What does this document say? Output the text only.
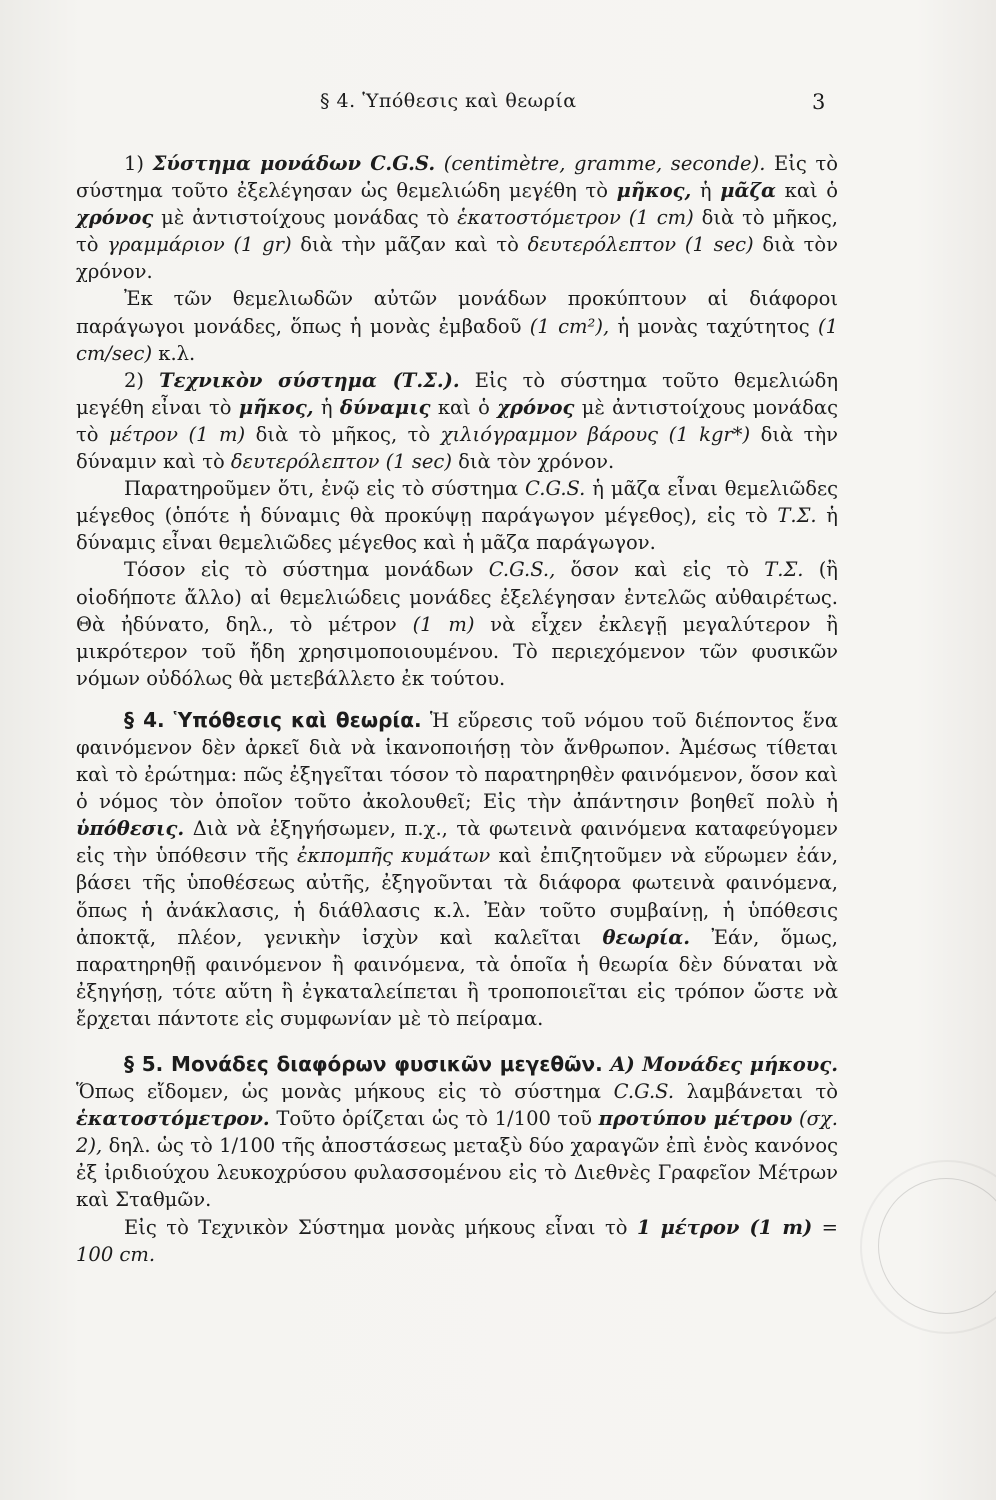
§ 4. Ὑπόθεσις καὶ θεωρία	3

1) Σύστημα μονάδων C.G.S. (centimètre, gramme, seconde). Εἰς τὸ σύστημα τοῦτο ἐξελέγησαν ὡς θεμελιώδη μεγέθη τὸ μῆκος, ἡ μᾶζα καὶ ὁ χρόνος μὲ ἀντιστοίχους μονάδας τὸ ἑκατοστόμετρον (1 cm) διὰ τὸ μῆκος, τὸ γραμμάριον (1 gr) διὰ τὴν μᾶζαν καὶ τὸ δευτερόλεπτον (1 sec) διὰ τὸν χρόνον.

Ἐκ τῶν θεμελιωδῶν αὐτῶν μονάδων προκύπτουν αἱ διάφοροι παράγωγοι μονάδες, ὅπως ἡ μονὰς ἐμβαδοῦ (1 cm²), ἡ μονὰς ταχύτητος (1 cm/sec) κ.λ.

2) Τεχνικὸν σύστημα (Τ.Σ.). Εἰς τὸ σύστημα τοῦτο θεμελιώδη μεγέθη εἶναι τὸ μῆκος, ἡ δύναμις καὶ ὁ χρόνος μὲ ἀντιστοίχους μονάδας τὸ μέτρον (1 m) διὰ τὸ μῆκος, τὸ χιλιόγραμμον βάρους (1 kgr*) διὰ τὴν δύναμιν καὶ τὸ δευτερόλεπτον (1 sec) διὰ τὸν χρόνον.

Παρατηροῦμεν ὅτι, ἐνῷ εἰς τὸ σύστημα C.G.S. ἡ μᾶζα εἶναι θεμελιῶδες μέγεθος (ὁπότε ἡ δύναμις θὰ προκύψῃ παράγωγον μέγεθος), εἰς τὸ Τ.Σ. ἡ δύναμις εἶναι θεμελιῶδες μέγεθος καὶ ἡ μᾶζα παράγωγον.

Τόσον εἰς τὸ σύστημα μονάδων C.G.S., ὅσον καὶ εἰς τὸ Τ.Σ. (ἢ οἱοδήποτε ἄλλο) αἱ θεμελιώδεις μονάδες ἐξελέγησαν ἐντελῶς αὐθαιρέτως. Θὰ ἠδύνατο, δηλ., τὸ μέτρον (1 m) νὰ εἶχεν ἐκλεγῇ μεγαλύτερον ἢ μικρότερον τοῦ ἤδη χρησιμοποιουμένου. Τὸ περιεχόμενον τῶν φυσικῶν νόμων οὐδόλως θὰ μετεβάλλετο ἐκ τούτου.

§ 4. Ὑπόθεσις καὶ θεωρία. Ἡ εὕρεσις τοῦ νόμου τοῦ διέποντος ἕνα φαινόμενον δὲν ἀρκεῖ διὰ νὰ ἱκανοποιήσῃ τὸν ἄνθρωπον. Ἀμέσως τίθεται καὶ τὸ ἐρώτημα: πῶς ἐξηγεῖται τόσον τὸ παρατηρηθὲν φαινόμενον, ὅσον καὶ ὁ νόμος τὸν ὁποῖον τοῦτο ἀκολουθεῖ; Εἰς τὴν ἀπάντησιν βοηθεῖ πολὺ ἡ ὑπόθεσις. Διὰ νὰ ἐξηγήσωμεν, π.χ., τὰ φωτεινὰ φαινόμενα καταφεύγομεν εἰς τὴν ὑπόθεσιν τῆς ἐκπομπῆς κυμάτων καὶ ἐπιζητοῦμεν νὰ εὕρωμεν ἐάν, βάσει τῆς ὑποθέσεως αὐτῆς, ἐξηγοῦνται τὰ διάφορα φωτεινὰ φαινόμενα, ὅπως ἡ ἀνάκλασις, ἡ διάθλασις κ.λ. Ἐὰν τοῦτο συμβαίνῃ, ἡ ὑπόθεσις ἀποκτᾷ, πλέον, γενικὴν ἰσχὺν καὶ καλεῖται θεωρία. Ἐάν, ὅμως, παρατηρηθῇ φαινόμενον ἢ φαινόμενα, τὰ ὁποῖα ἡ θεωρία δὲν δύναται νὰ ἐξηγήσῃ, τότε αὕτη ἢ ἐγκαταλείπεται ἢ τροποποιεῖται εἰς τρόπον ὥστε νὰ ἔρχεται πάντοτε εἰς συμφωνίαν μὲ τὸ πείραμα.

§ 5. Μονάδες διαφόρων φυσικῶν μεγεθῶν. Α) Μονάδες μήκους. Ὅπως εἴδομεν, ὡς μονὰς μήκους εἰς τὸ σύστημα C.G.S. λαμβάνεται τὸ ἑκατοστόμετρον. Τοῦτο ὁρίζεται ὡς τὸ 1/100 τοῦ προτύπου μέτρου (σχ. 2), δηλ. ὡς τὸ 1/100 τῆς ἀποστάσεως μεταξὺ δύο χαραγῶν ἐπὶ ἑνὸς κανόνος ἐξ ἰριδιούχου λευκοχρύσου φυλασσομένου εἰς τὸ Διεθνὲς Γραφεῖον Μέτρων καὶ Σταθμῶν.

Εἰς τὸ Τεχνικὸν Σύστημα μονὰς μήκους εἶναι τὸ 1 μέτρον (1 m) = 100 cm.
